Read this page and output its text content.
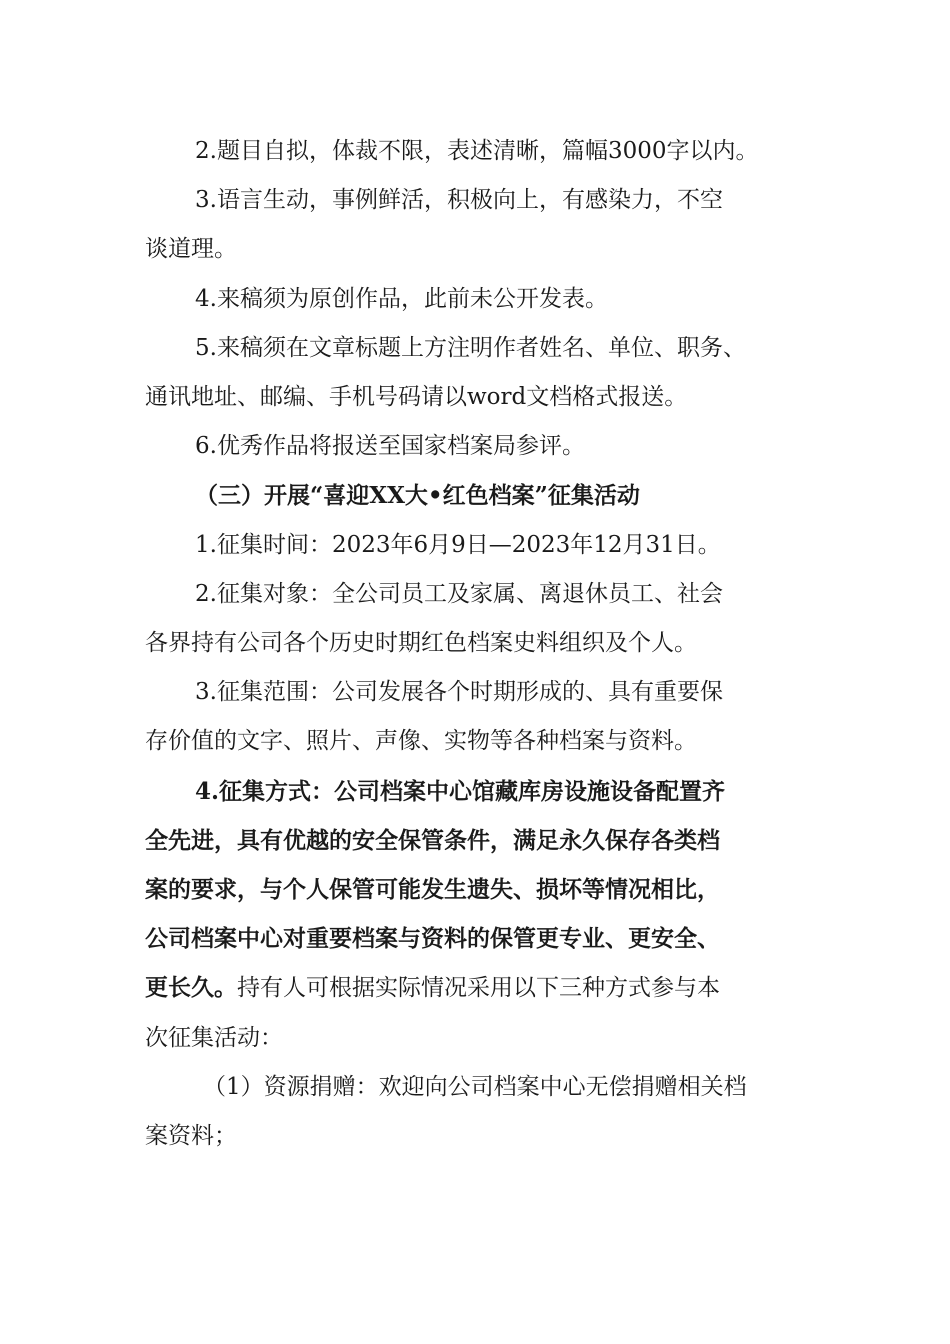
2.题目自拟，体裁不限，表述清晰，篇幅3000字以内。

3.语言生动，事例鲜活，积极向上，有感染力，不空
谈道理。

4.来稿须为原创作品，此前未公开发表。

5.来稿须在文章标题上方注明作者姓名、单位、职务、
通讯地址、邮编、手机号码请以word文档格式报送。

6.优秀作品将报送至国家档案局参评。

（三）开展“喜迎XX大•红色档案”征集活动

1.征集时间：2023年6月9日—2023年12月31日。

2.征集对象：全公司员工及家属、离退休员工、社会
各界持有公司各个历史时期红色档案史料组织及个人。

3.征集范围：公司发展各个时期形成的、具有重要保
存价值的文字、照片、声像、实物等各种档案与资料。

4.征集方式：公司档案中心馆藏库房设施设备配置齐
全先进，具有优越的安全保管条件，满足永久保存各类档
案的要求，与个人保管可能发生遗失、损坏等情况相比，
公司档案中心对重要档案与资料的保管更专业、更安全、
更长久。持有人可根据实际情况采用以下三种方式参与本
次征集活动：

（1）资源捐赠：欢迎向公司档案中心无偿捐赠相关档
案资料；
